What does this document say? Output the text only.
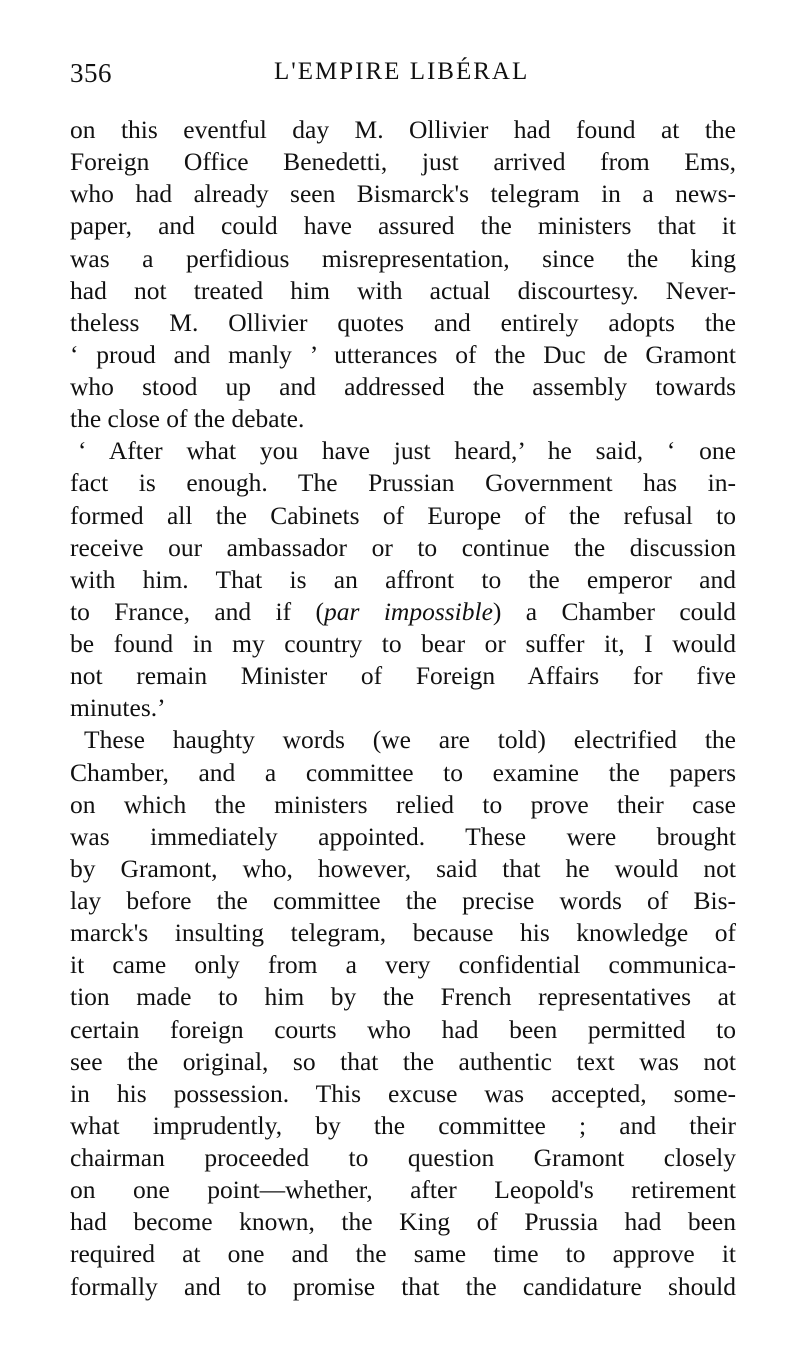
356	L'EMPIRE LIBÉRAL
on this eventful day M. Ollivier had found at the
Foreign Office Benedetti, just arrived from Ems,
who had already seen Bismarck's telegram in a news-
paper, and could have assured the ministers that it
was a perfidious misrepresentation, since the king
had not treated him with actual discourtesy. Never-
theless M. Ollivier quotes and entirely adopts the
‘ proud and manly ’ utterances of the Duc de Gramont
who stood up and addressed the assembly towards
the close of the debate.
‘ After what you have just heard,’ he said, ‘ one
fact is enough. The Prussian Government has in-
formed all the Cabinets of Europe of the refusal to
receive our ambassador or to continue the discussion
with him. That is an affront to the emperor and
to France, and if (par impossible) a Chamber could
be found in my country to bear or suffer it, I would
not remain Minister of Foreign Affairs for five
minutes.’
These haughty words (we are told) electrified the
Chamber, and a committee to examine the papers
on which the ministers relied to prove their case
was immediately appointed. These were brought
by Gramont, who, however, said that he would not
lay before the committee the precise words of Bis-
marck's insulting telegram, because his knowledge of
it came only from a very confidential communica-
tion made to him by the French representatives at
certain foreign courts who had been permitted to
see the original, so that the authentic text was not
in his possession. This excuse was accepted, some-
what imprudently, by the committee ; and their
chairman proceeded to question Gramont closely
on one point—whether, after Leopold's retirement
had become known, the King of Prussia had been
required at one and the same time to approve it
formally and to promise that the candidature should
